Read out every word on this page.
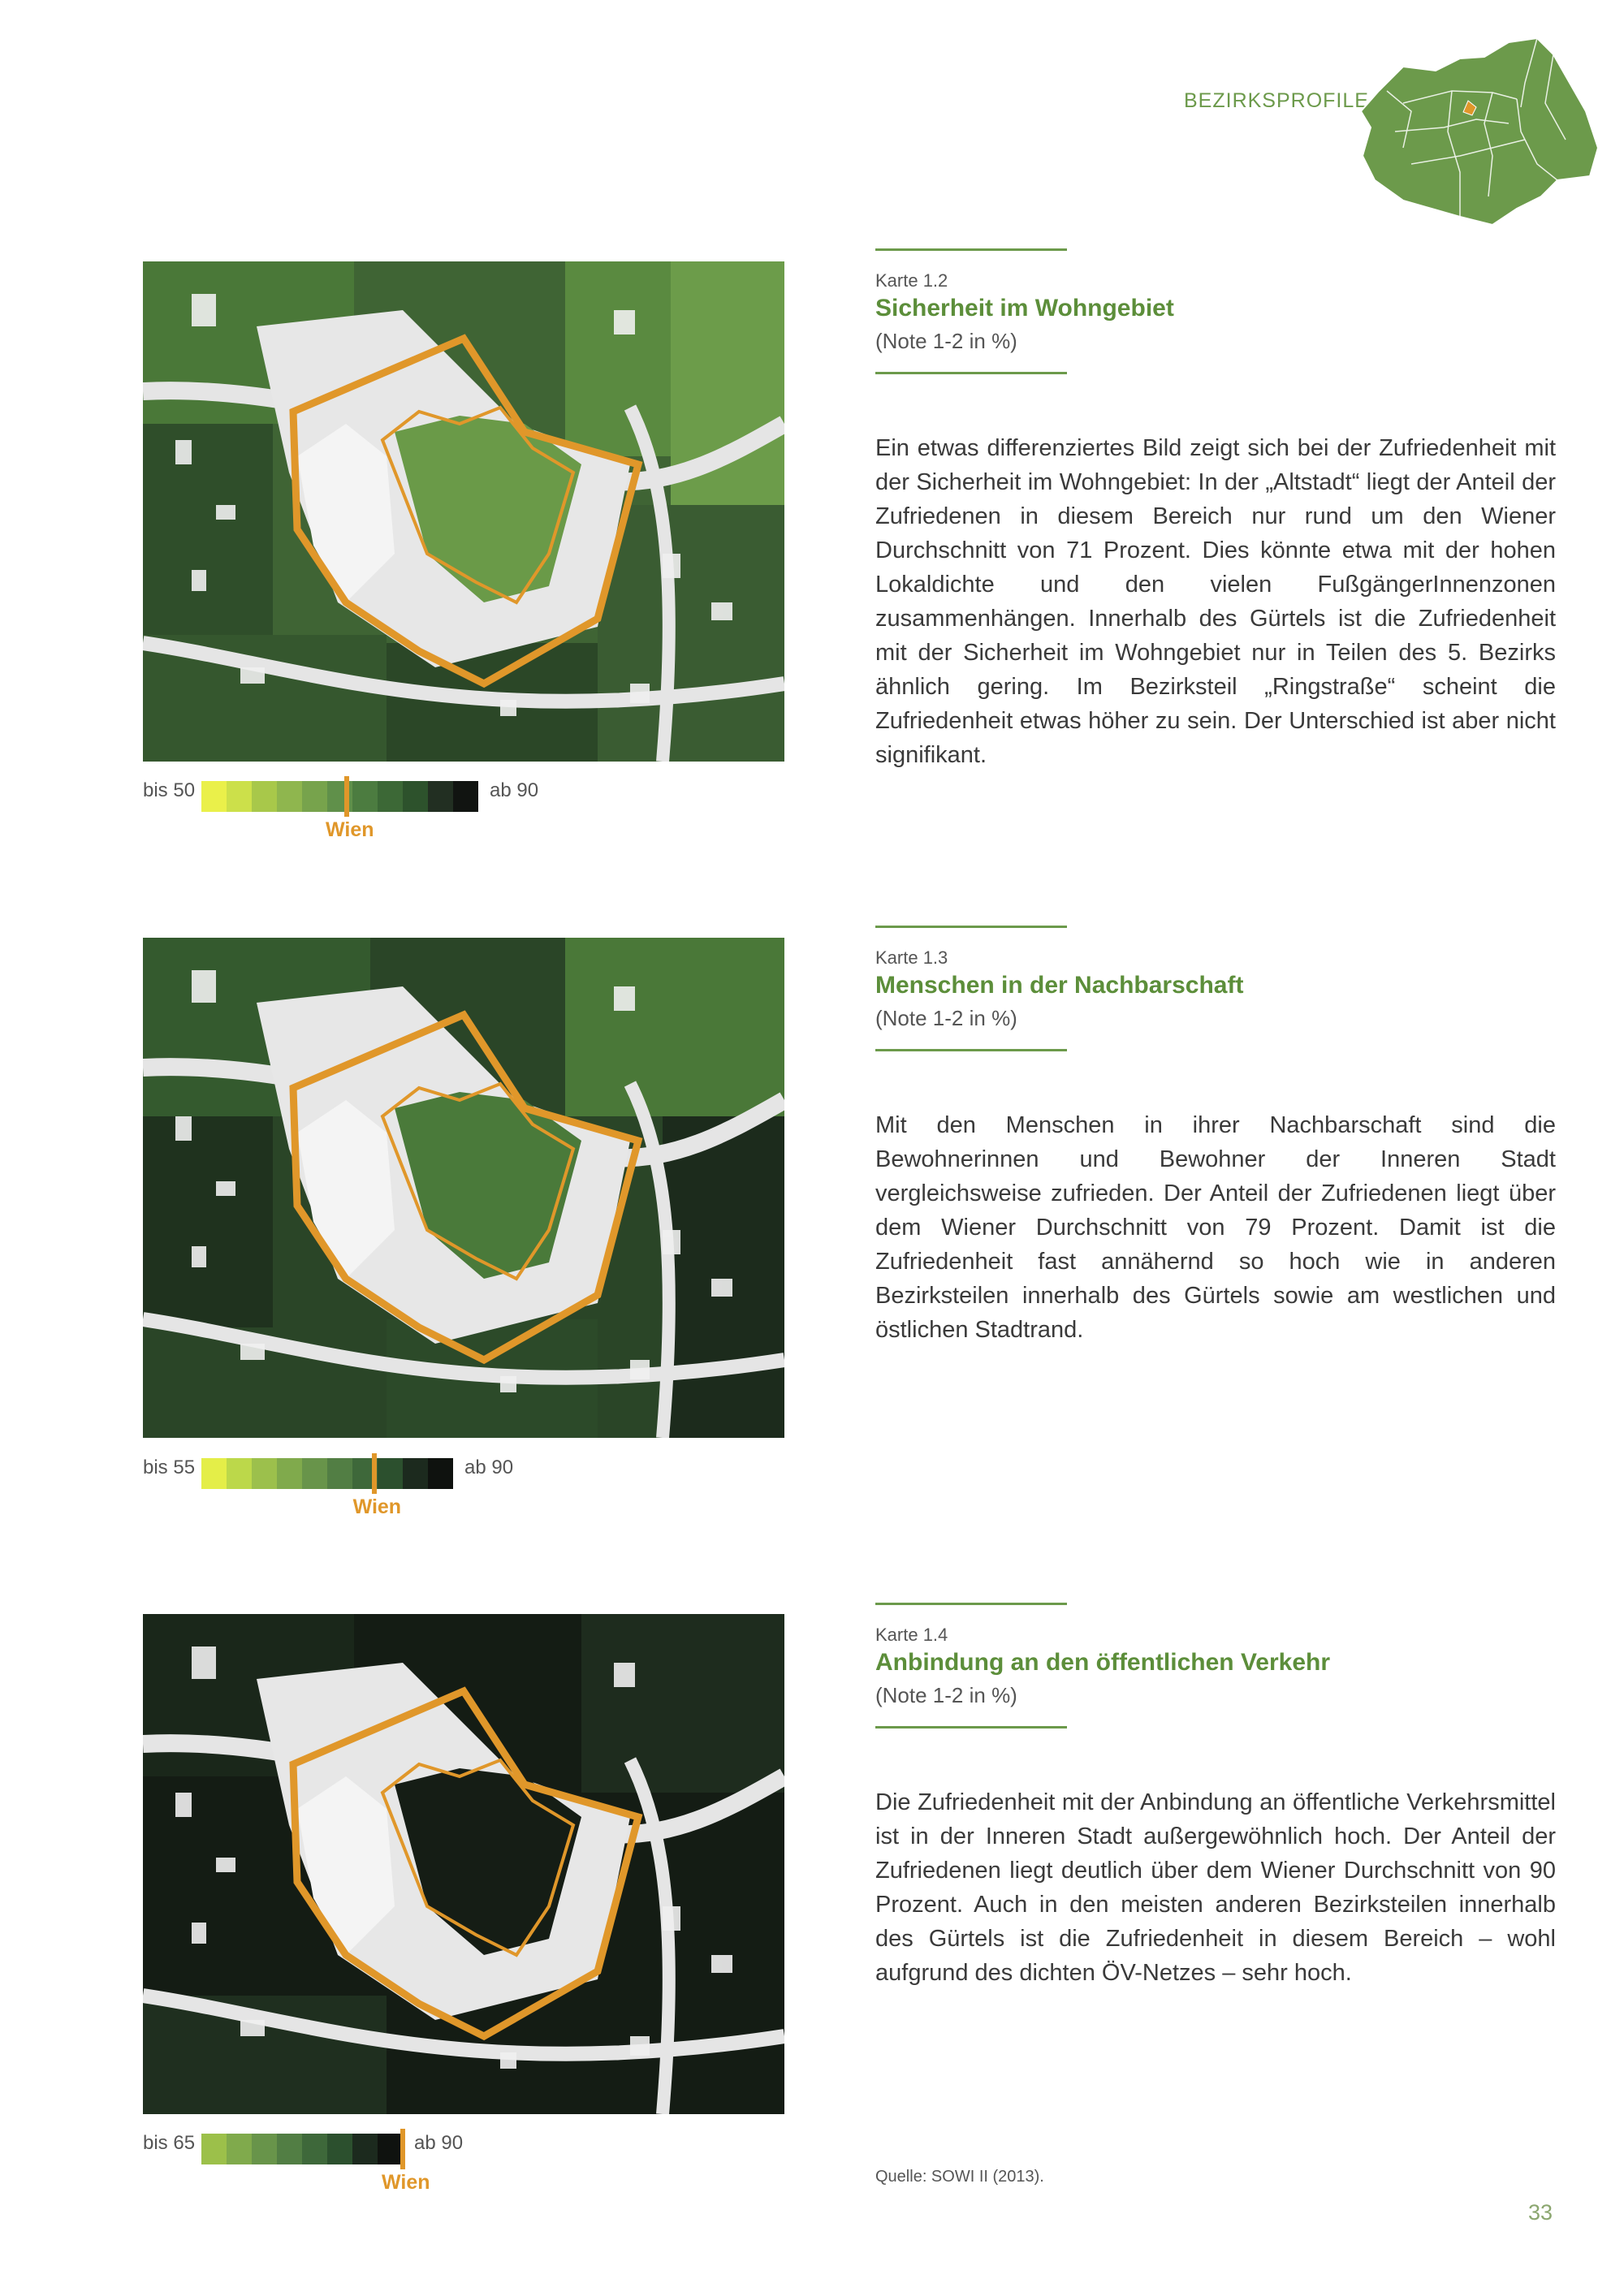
BEZIRKSPROFILE
bis 50
Wien
ab 90
Karte 1.2
Sicherheit im Wohngebiet
(Note 1-2 in %)
Ein etwas differenziertes Bild zeigt sich bei der Zufriedenheit mit der Sicherheit im Wohngebiet: In der „Altstadt“ liegt der Anteil der Zufriedenen in diesem Bereich nur rund um den Wiener Durchschnitt von 71 Prozent. Dies könnte etwa mit der hohen Lokaldichte und den vielen FußgängerInnenzonen zusammenhängen. Innerhalb des Gürtels ist die Zufriedenheit mit der Sicherheit im Wohngebiet nur in Teilen des 5. Bezirks ähnlich gering. Im Bezirksteil „Ringstraße“ scheint die Zufriedenheit etwas höher zu sein. Der Unterschied ist aber nicht signifikant.
bis 55
Wien
ab 90
Karte 1.3
Menschen in der Nachbarschaft
(Note 1-2 in %)
Mit den Menschen in ihrer Nachbarschaft sind die Bewohnerinnen und Bewohner der Inneren Stadt vergleichsweise zufrieden. Der Anteil der Zufriedenen liegt über dem Wiener Durchschnitt von 79 Prozent. Damit ist die Zufriedenheit fast annähernd so hoch wie in anderen Bezirksteilen innerhalb des Gürtels sowie am westlichen und östlichen Stadtrand.
bis 65
Wien
ab 90
Karte 1.4
Anbindung an den öffentlichen Verkehr
(Note 1-2 in %)
Die Zufriedenheit mit der Anbindung an öffentliche Verkehrsmittel ist in der Inneren Stadt außergewöhnlich hoch. Der Anteil der Zufriedenen liegt deutlich über dem Wiener Durchschnitt von 90 Prozent. Auch in den meisten anderen Bezirksteilen innerhalb des Gürtels ist die Zufriedenheit in diesem Bereich – wohl aufgrund des dichten ÖV-Netzes – sehr hoch.
Quelle: SOWI II (2013).
33
